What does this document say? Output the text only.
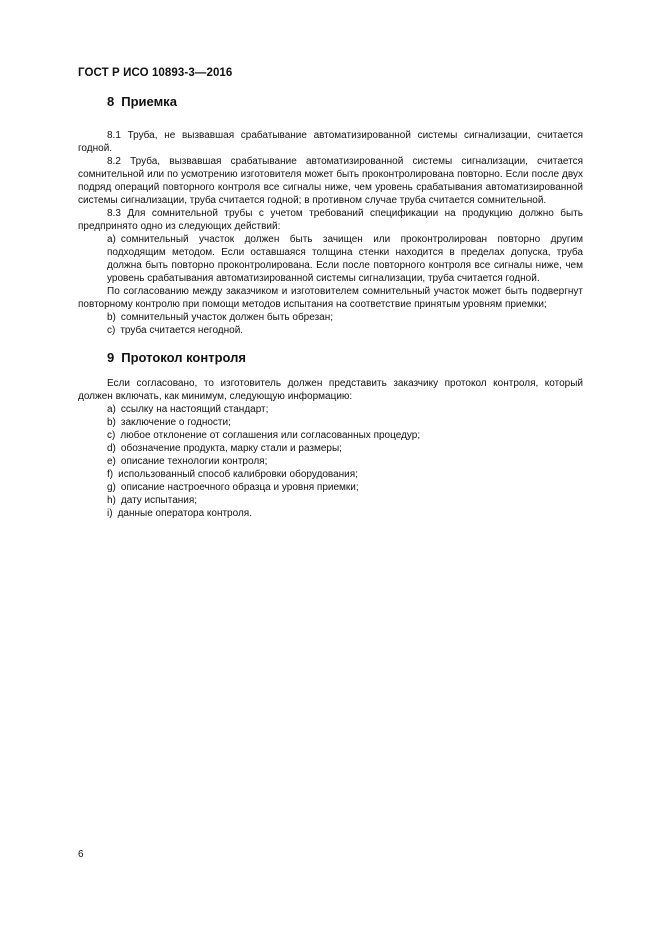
ГОСТ Р ИСО 10893-3—2016
8 Приемка

8.1 Труба, не вызвавшая срабатывание автоматизированной системы сигнализации, считается годной.

8.2 Труба, вызвавшая срабатывание автоматизированной системы сигнализации, считается сомнительной или по усмотрению изготовителя может быть проконтролирована повторно. Если после двух подряд операций повторного контроля все сигналы ниже, чем уровень срабатывания автоматизированной системы сигнализации, труба считается годной; в противном случае труба считается сомнительной.

8.3 Для сомнительной трубы с учетом требований спецификации на продукцию должно быть предпринято одно из следующих действий:

a) сомнительный участок должен быть зачищен или проконтролирован повторно другим подходящим методом. Если оставшаяся толщина стенки находится в пределах допуска, труба должна быть повторно проконтролирована. Если после повторного контроля все сигналы ниже, чем уровень срабатывания автоматизированной системы сигнализации, труба считается годной.

По согласованию между заказчиком и изготовителем сомнительный участок может быть подвергнут повторному контролю при помощи методов испытания на соответствие принятым уровням приемки;

b) сомнительный участок должен быть обрезан;

c) труба считается негодной.

9 Протокол контроля

Если согласовано, то изготовитель должен представить заказчику протокол контроля, который должен включать, как минимум, следующую информацию:

a) ссылку на настоящий стандарт;

b) заключение о годности;

c) любое отклонение от соглашения или согласованных процедур;

d) обозначение продукта, марку стали и размеры;

e) описание технологии контроля;

f) использованный способ калибровки оборудования;

g) описание настроечного образца и уровня приемки;

h) дату испытания;

i) данные оператора контроля.

6
